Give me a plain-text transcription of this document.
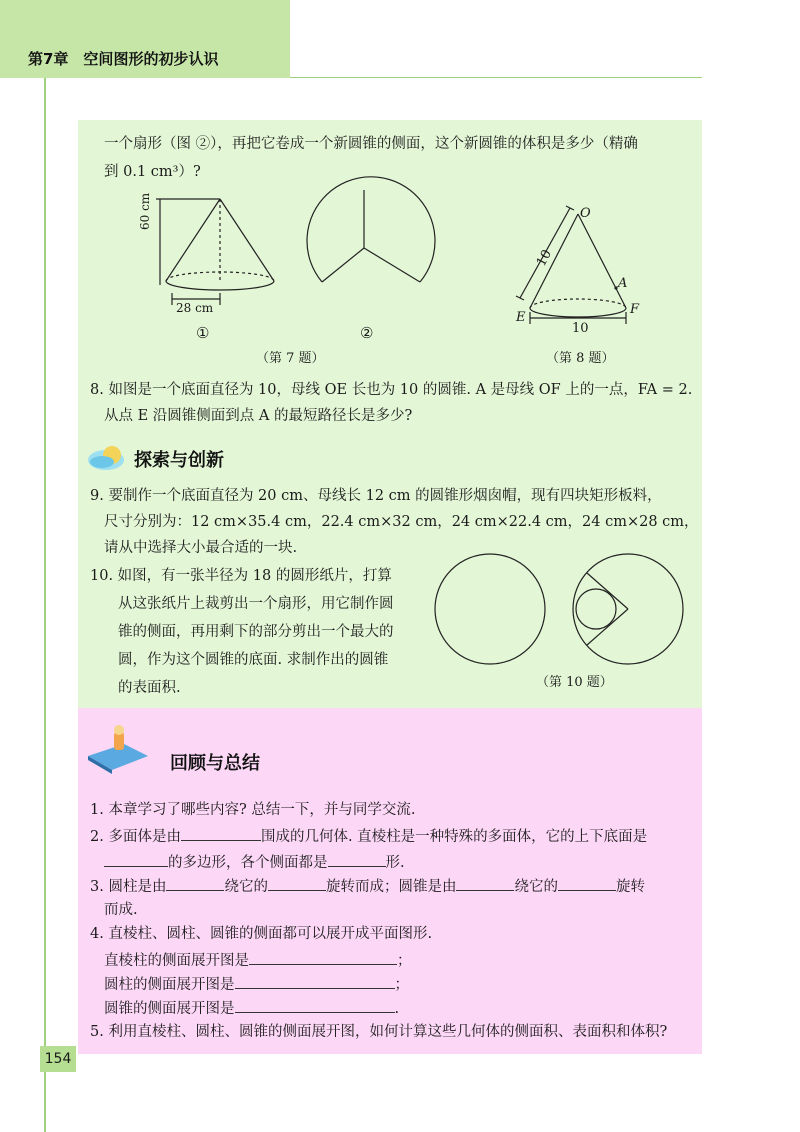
第7章　空间图形的初步认识
一个扇形（图 ②），再把它卷成一个新圆锥的侧面，这个新圆锥的体积是多少（精确
到 0.1 cm³）?
60 cm
28 cm
①	②
（第 7 题）
O
A
F
E
10
10
（第 8 题）
8. 如图是一个底面直径为 10，母线 OE 长也为 10 的圆锥. A 是母线 OF 上的一点，FA = 2.
从点 E 沿圆锥侧面到点 A 的最短路径长是多少?
探索与创新
9. 要制作一个底面直径为 20 cm、母线长 12 cm 的圆锥形烟囱帽，现有四块矩形板料，
尺寸分别为：12 cm×35.4 cm，22.4 cm×32 cm，24 cm×22.4 cm，24 cm×28 cm，
请从中选择大小最合适的一块.
10. 如图，有一张半径为 18 的圆形纸片，打算
从这张纸片上裁剪出一个扇形，用它制作圆
锥的侧面，再用剩下的部分剪出一个最大的
圆，作为这个圆锥的底面. 求制作出的圆锥
的表面积.	（第 10 题）
回顾与总结
1. 本章学习了哪些内容? 总结一下，并与同学交流.
2. 多面体是由	围成的几何体. 直棱柱是一种特殊的多面体，它的上下底面是
的多边形，各个侧面都是	形.
3. 圆柱是由	绕它的	旋转而成；圆锥是由	绕它的	旋转
而成.
4. 直棱柱、圆柱、圆锥的侧面都可以展开成平面图形.
直棱柱的侧面展开图是	；
圆柱的侧面展开图是	；
圆锥的侧面展开图是	.
5. 利用直棱柱、圆柱、圆锥的侧面展开图，如何计算这些几何体的侧面积、表面积和体积?
154
